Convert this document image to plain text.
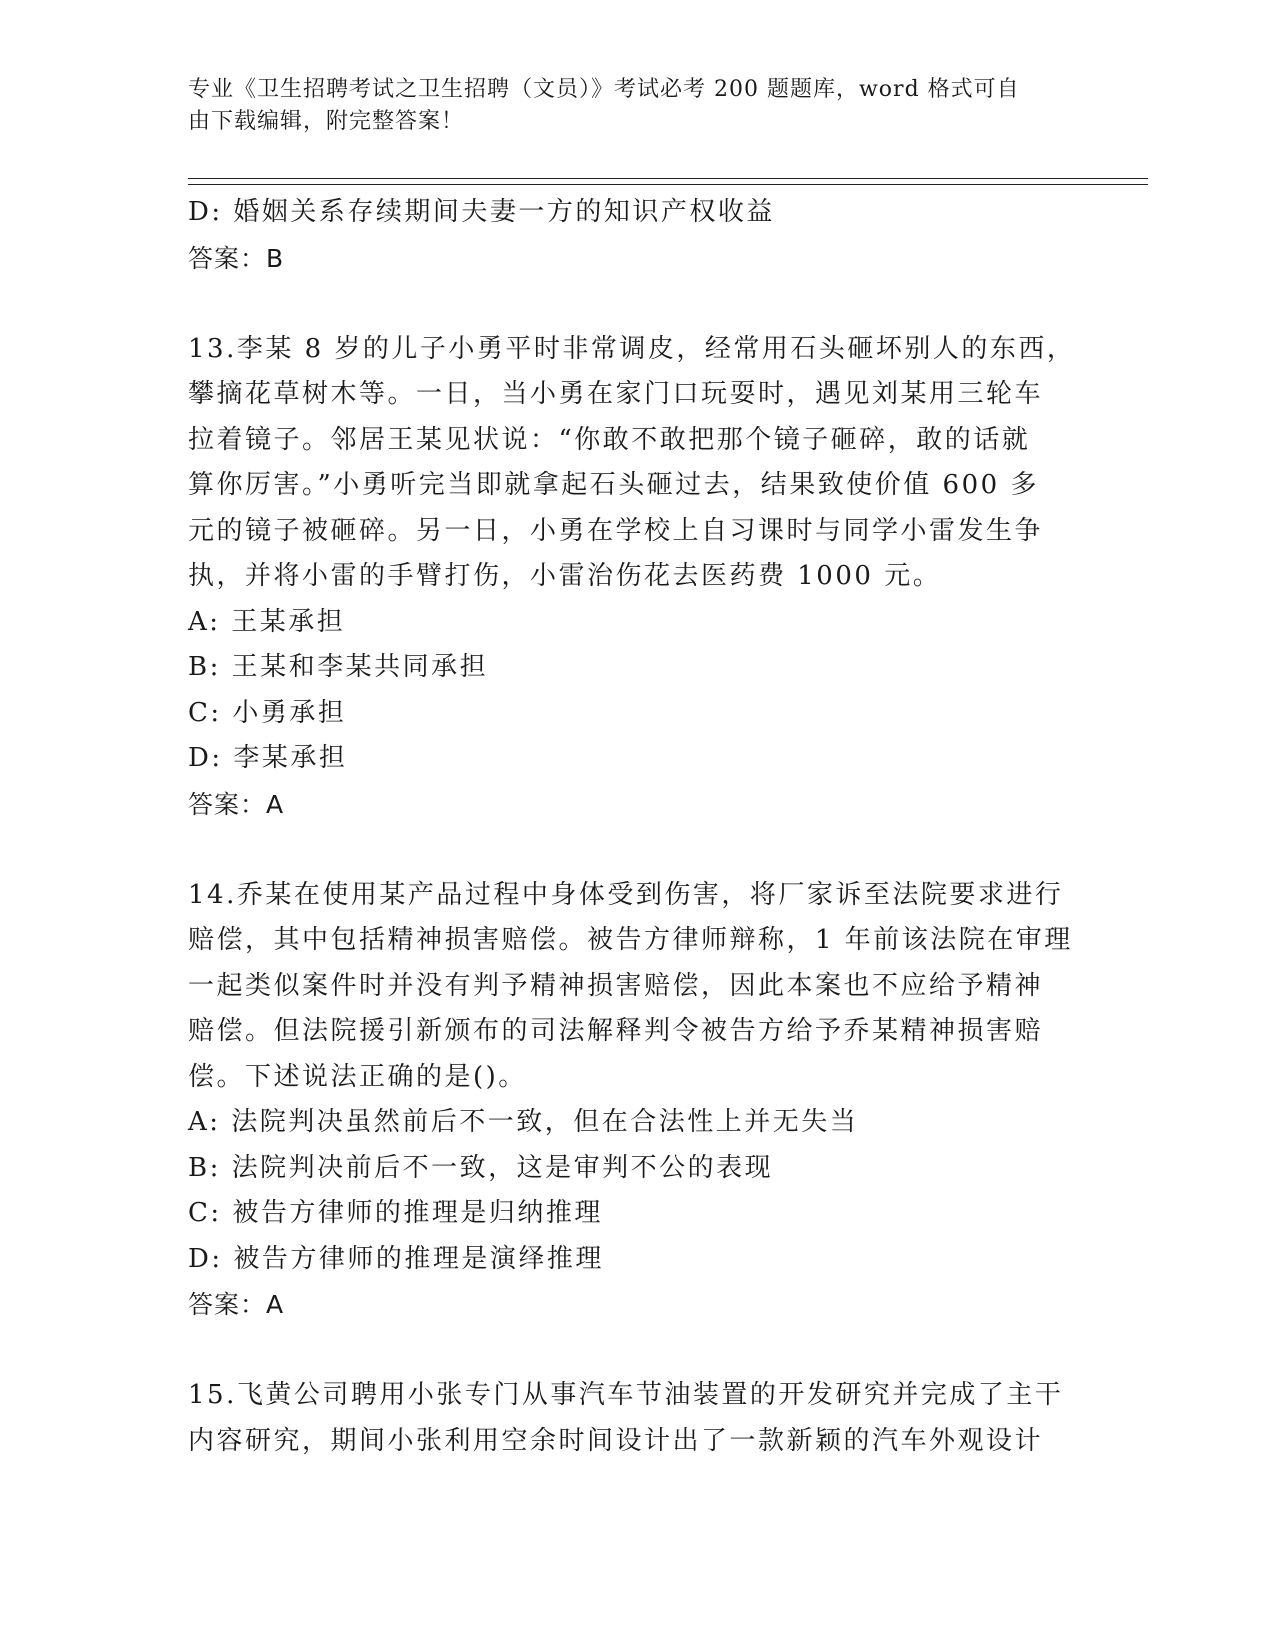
专业《卫生招聘考试之卫生招聘（文员）》考试必考 200 题题库，word 格式可自
由下载编辑，附完整答案！
D: 婚姻关系存续期间夫妻一方的知识产权收益
答案：B
13.李某 8 岁的儿子小勇平时非常调皮，经常用石头砸坏别人的东西，
攀摘花草树木等。一日，当小勇在家门口玩耍时，遇见刘某用三轮车
拉着镜子。邻居王某见状说：“你敢不敢把那个镜子砸碎，敢的话就
算你厉害。”小勇听完当即就拿起石头砸过去，结果致使价值 600 多
元的镜子被砸碎。另一日，小勇在学校上自习课时与同学小雷发生争
执，并将小雷的手臂打伤，小雷治伤花去医药费 1000 元。
A: 王某承担
B: 王某和李某共同承担
C: 小勇承担
D: 李某承担
答案：A
14.乔某在使用某产品过程中身体受到伤害，将厂家诉至法院要求进行
赔偿，其中包括精神损害赔偿。被告方律师辩称，1 年前该法院在审理
一起类似案件时并没有判予精神损害赔偿，因此本案也不应给予精神
赔偿。但法院援引新颁布的司法解释判令被告方给予乔某精神损害赔
偿。下述说法正确的是()。
A: 法院判决虽然前后不一致，但在合法性上并无失当
B: 法院判决前后不一致，这是审判不公的表现
C: 被告方律师的推理是归纳推理
D: 被告方律师的推理是演绎推理
答案：A
15.飞黄公司聘用小张专门从事汽车节油装置的开发研究并完成了主干
内容研究，期间小张利用空余时间设计出了一款新颖的汽车外观设计
